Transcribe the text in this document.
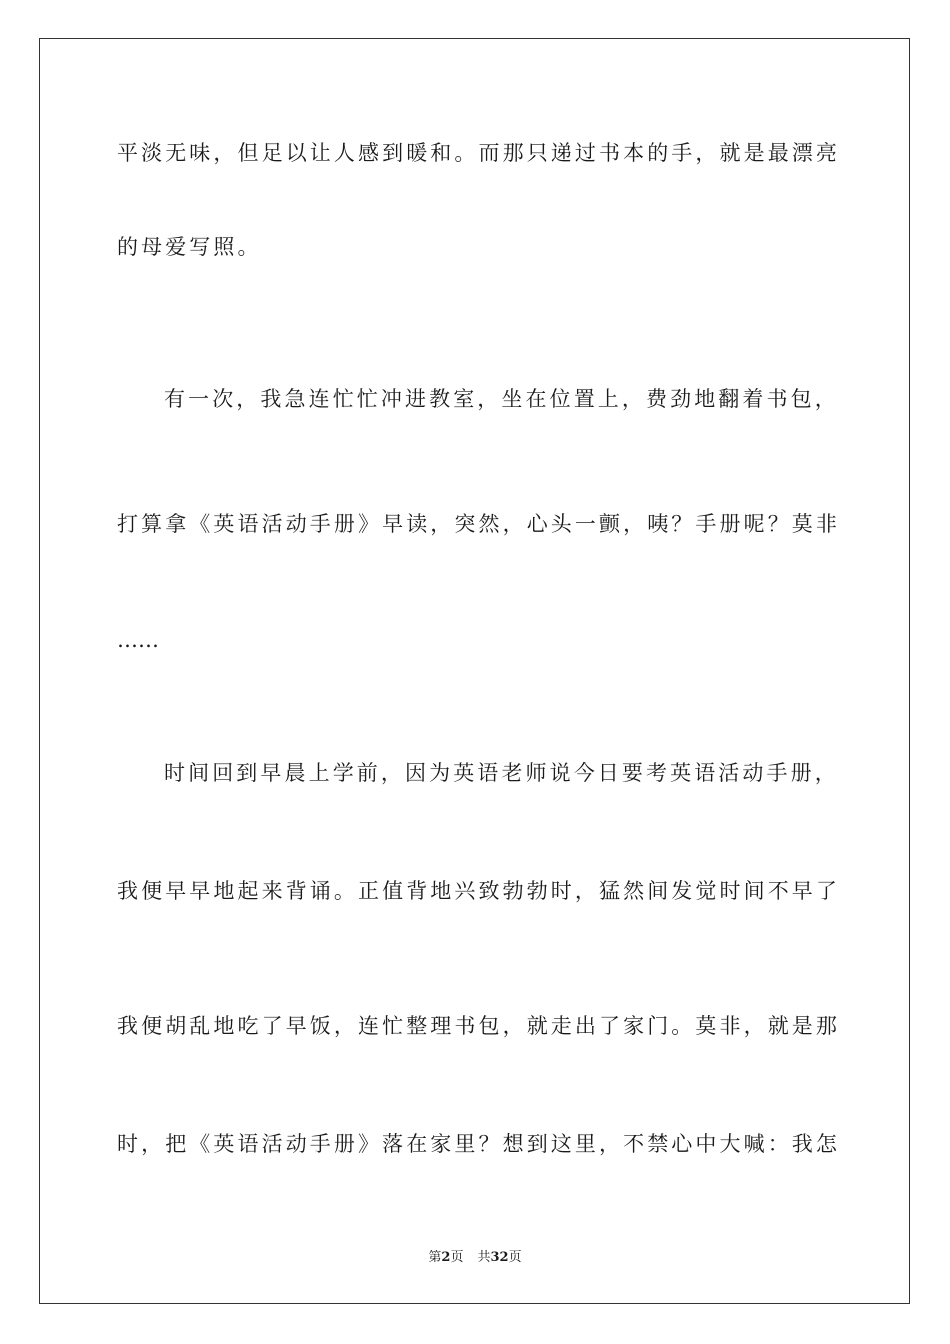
平淡无味，但足以让人感到暖和。而那只递过书本的手，就是最漂亮
的母爱写照。
有一次，我急连忙忙冲进教室，坐在位置上，费劲地翻着书包，
打算拿《英语活动手册》早读，突然，心头一颤，咦？手册呢？莫非
……
时间回到早晨上学前，因为英语老师说今日要考英语活动手册，
我便早早地起来背诵。正值背地兴致勃勃时，猛然间发觉时间不早了
我便胡乱地吃了早饭，连忙整理书包，就走出了家门。莫非，就是那
时，把《英语活动手册》落在家里？想到这里，不禁心中大喊：我怎
第2页 共32页
